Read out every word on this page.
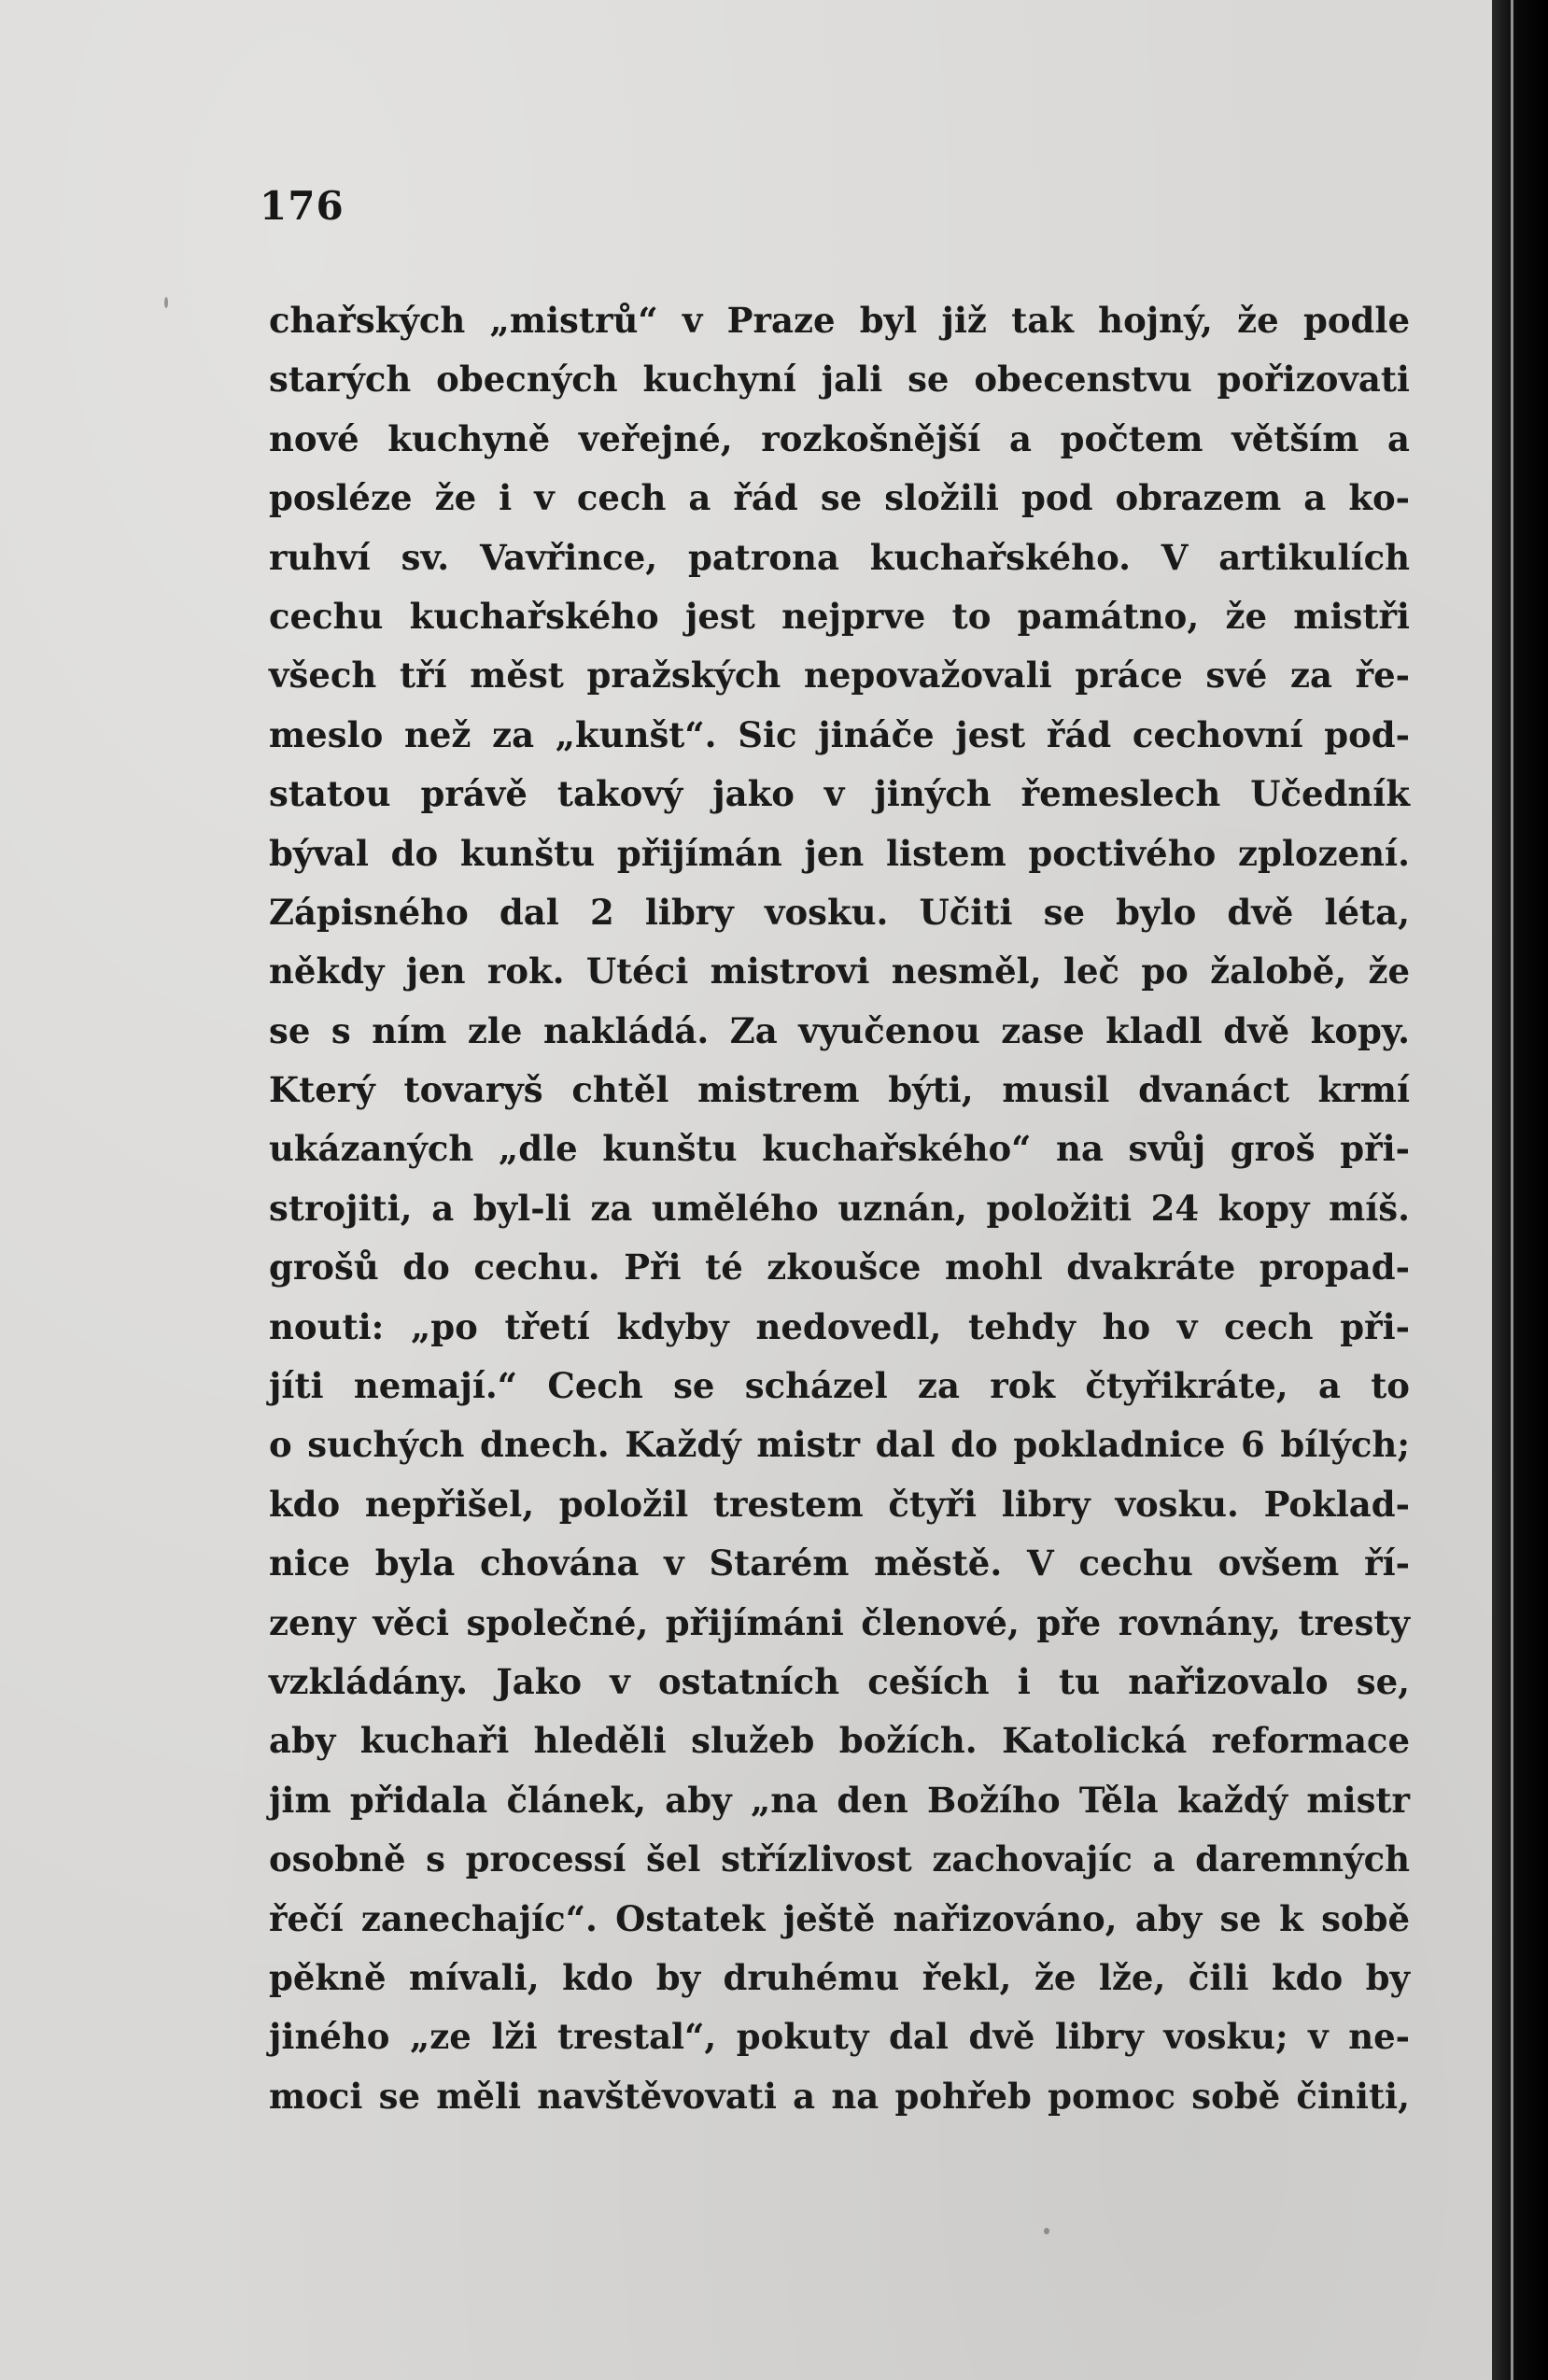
176
chařských „mistrů“ v Praze byl již tak hojný, že podle
starých obecných kuchyní jali se obecenstvu pořizovati
nové kuchyně veřejné, rozkošnější a počtem větším a
posléze že i v cech a řád se složili pod obrazem a ko-
ruhví sv. Vavřince, patrona kuchařského. V artikulích
cechu kuchařského jest nejprve to památno, že mistři
všech tří měst pražských nepovažovali práce své za ře-
meslo než za „kunšt“. Sic jináče jest řád cechovní pod-
statou právě takový jako v jiných řemeslech Učedník
býval do kunštu přijímán jen listem poctivého zplození.
Zápisného dal 2 libry vosku. Učiti se bylo dvě léta,
někdy jen rok. Utéci mistrovi nesměl, leč po žalobě, že
se s ním zle nakládá. Za vyučenou zase kladl dvě kopy.
Který tovaryš chtěl mistrem býti, musil dvanáct krmí
ukázaných „dle kunštu kuchařského“ na svůj groš při-
strojiti, a byl-li za umělého uznán, položiti 24 kopy míš.
grošů do cechu. Při té zkoušce mohl dvakráte propad-
nouti: „po třetí kdyby nedovedl, tehdy ho v cech při-
jíti nemají.“ Cech se scházel za rok čtyřikráte, a to
o suchých dnech. Každý mistr dal do pokladnice 6 bílých;
kdo nepřišel, položil trestem čtyři libry vosku. Poklad-
nice byla chována v Starém městě. V cechu ovšem ří-
zeny věci společné, přijímáni členové, pře rovnány, tresty
vzkládány. Jako v ostatních ceších i tu nařizovalo se,
aby kuchaři hleděli služeb božích. Katolická reformace
jim přidala článek, aby „na den Božího Těla každý mistr
osobně s processí šel střízlivost zachovajíc a daremných
řečí zanechajíc“. Ostatek ještě nařizováno, aby se k sobě
pěkně mívali, kdo by druhému řekl, že lže, čili kdo by
jiného „ze lži trestal“, pokuty dal dvě libry vosku; v ne-
moci se měli navštěvovati a na pohřeb pomoc sobě činiti,
